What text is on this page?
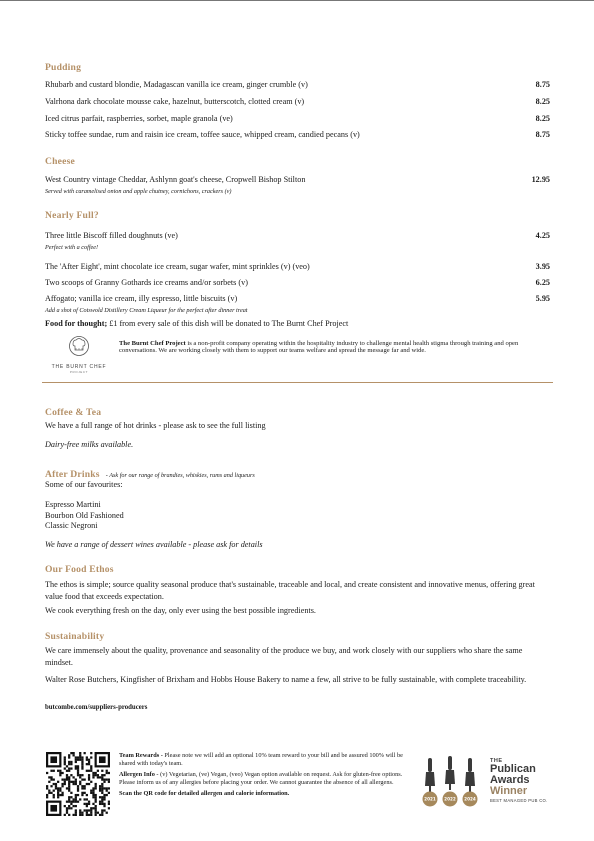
Pudding
Rhubarb and custard blondie, Madagascan vanilla ice cream, ginger crumble (v)	8.75
Valrhona dark chocolate mousse cake, hazelnut, butterscotch, clotted cream (v)	8.25
Iced citrus parfait, raspberries, sorbet, maple granola (ve)	8.25
Sticky toffee sundae, rum and raisin ice cream, toffee sauce, whipped cream, candied pecans (v)	8.75
Cheese
West Country vintage Cheddar, Ashlynn goat's cheese, Cropwell Bishop Stilton	12.95
Served with caramelised onion and apple chutney, cornichons, crackers (v)
Nearly Full?
Three little Biscoff filled doughnuts (ve)	4.25
Perfect with a coffee!
The 'After Eight', mint chocolate ice cream, sugar wafer, mint sprinkles (v) (veo)	3.95
Two scoops of Granny Gothards ice creams and/or sorbets (v)	6.25
Affogato; vanilla ice cream, illy espresso, little biscuits (v)	5.95
Add a shot of Cotswold Distillery Cream Liqueur for the perfect after dinner treat
Food for thought; £1 from every sale of this dish will be donated to The Burnt Chef Project
THE BURNT CHEF
PROJECT
The Burnt Chef Project is a non-profit company operating within the hospitality industry to challenge mental health stigma through training and open conversations. We are working closely with them to support our teams welfare and spread the message far and wide.
Coffee & Tea
We have a full range of hot drinks - please ask to see the full listing
Dairy-free milks available.
After Drinks - Ask for our range of brandies, whiskies, rums and liqueurs
Some of our favourites:
Espresso Martini
Bourbon Old Fashioned
Classic Negroni
We have a range of dessert wines available - please ask for details
Our Food Ethos
The ethos is simple; source quality seasonal produce that's sustainable, traceable and local, and create consistent and innovative menus, offering great value food that exceeds expectation.
We cook everything fresh on the day, only ever using the best possible ingredients.
Sustainability
We care immensely about the quality, provenance and seasonality of the produce we buy, and work closely with our suppliers who share the same mindset.
Walter Rose Butchers, Kingfisher of Brixham and Hobbs House Bakery to name a few, all strive to be fully sustainable, with complete traceability.
butcombe.com/suppliers-producers
Team Rewards - Please note we will add an optional 10% team reward to your bill and be assured 100% will be shared with today's team.
Allergen Info - (v) Vegetarian, (ve) Vegan, (veo) Vegan option available on request. Ask for gluten-free options. Please inform us of any allergies before placing your order. We cannot guarantee the absence of all allergens.
Scan the QR code for detailed allergen and calorie information.
2021 2022 2024
THE
Publican
Awards
Winner
BEST MANAGED PUB CO.
